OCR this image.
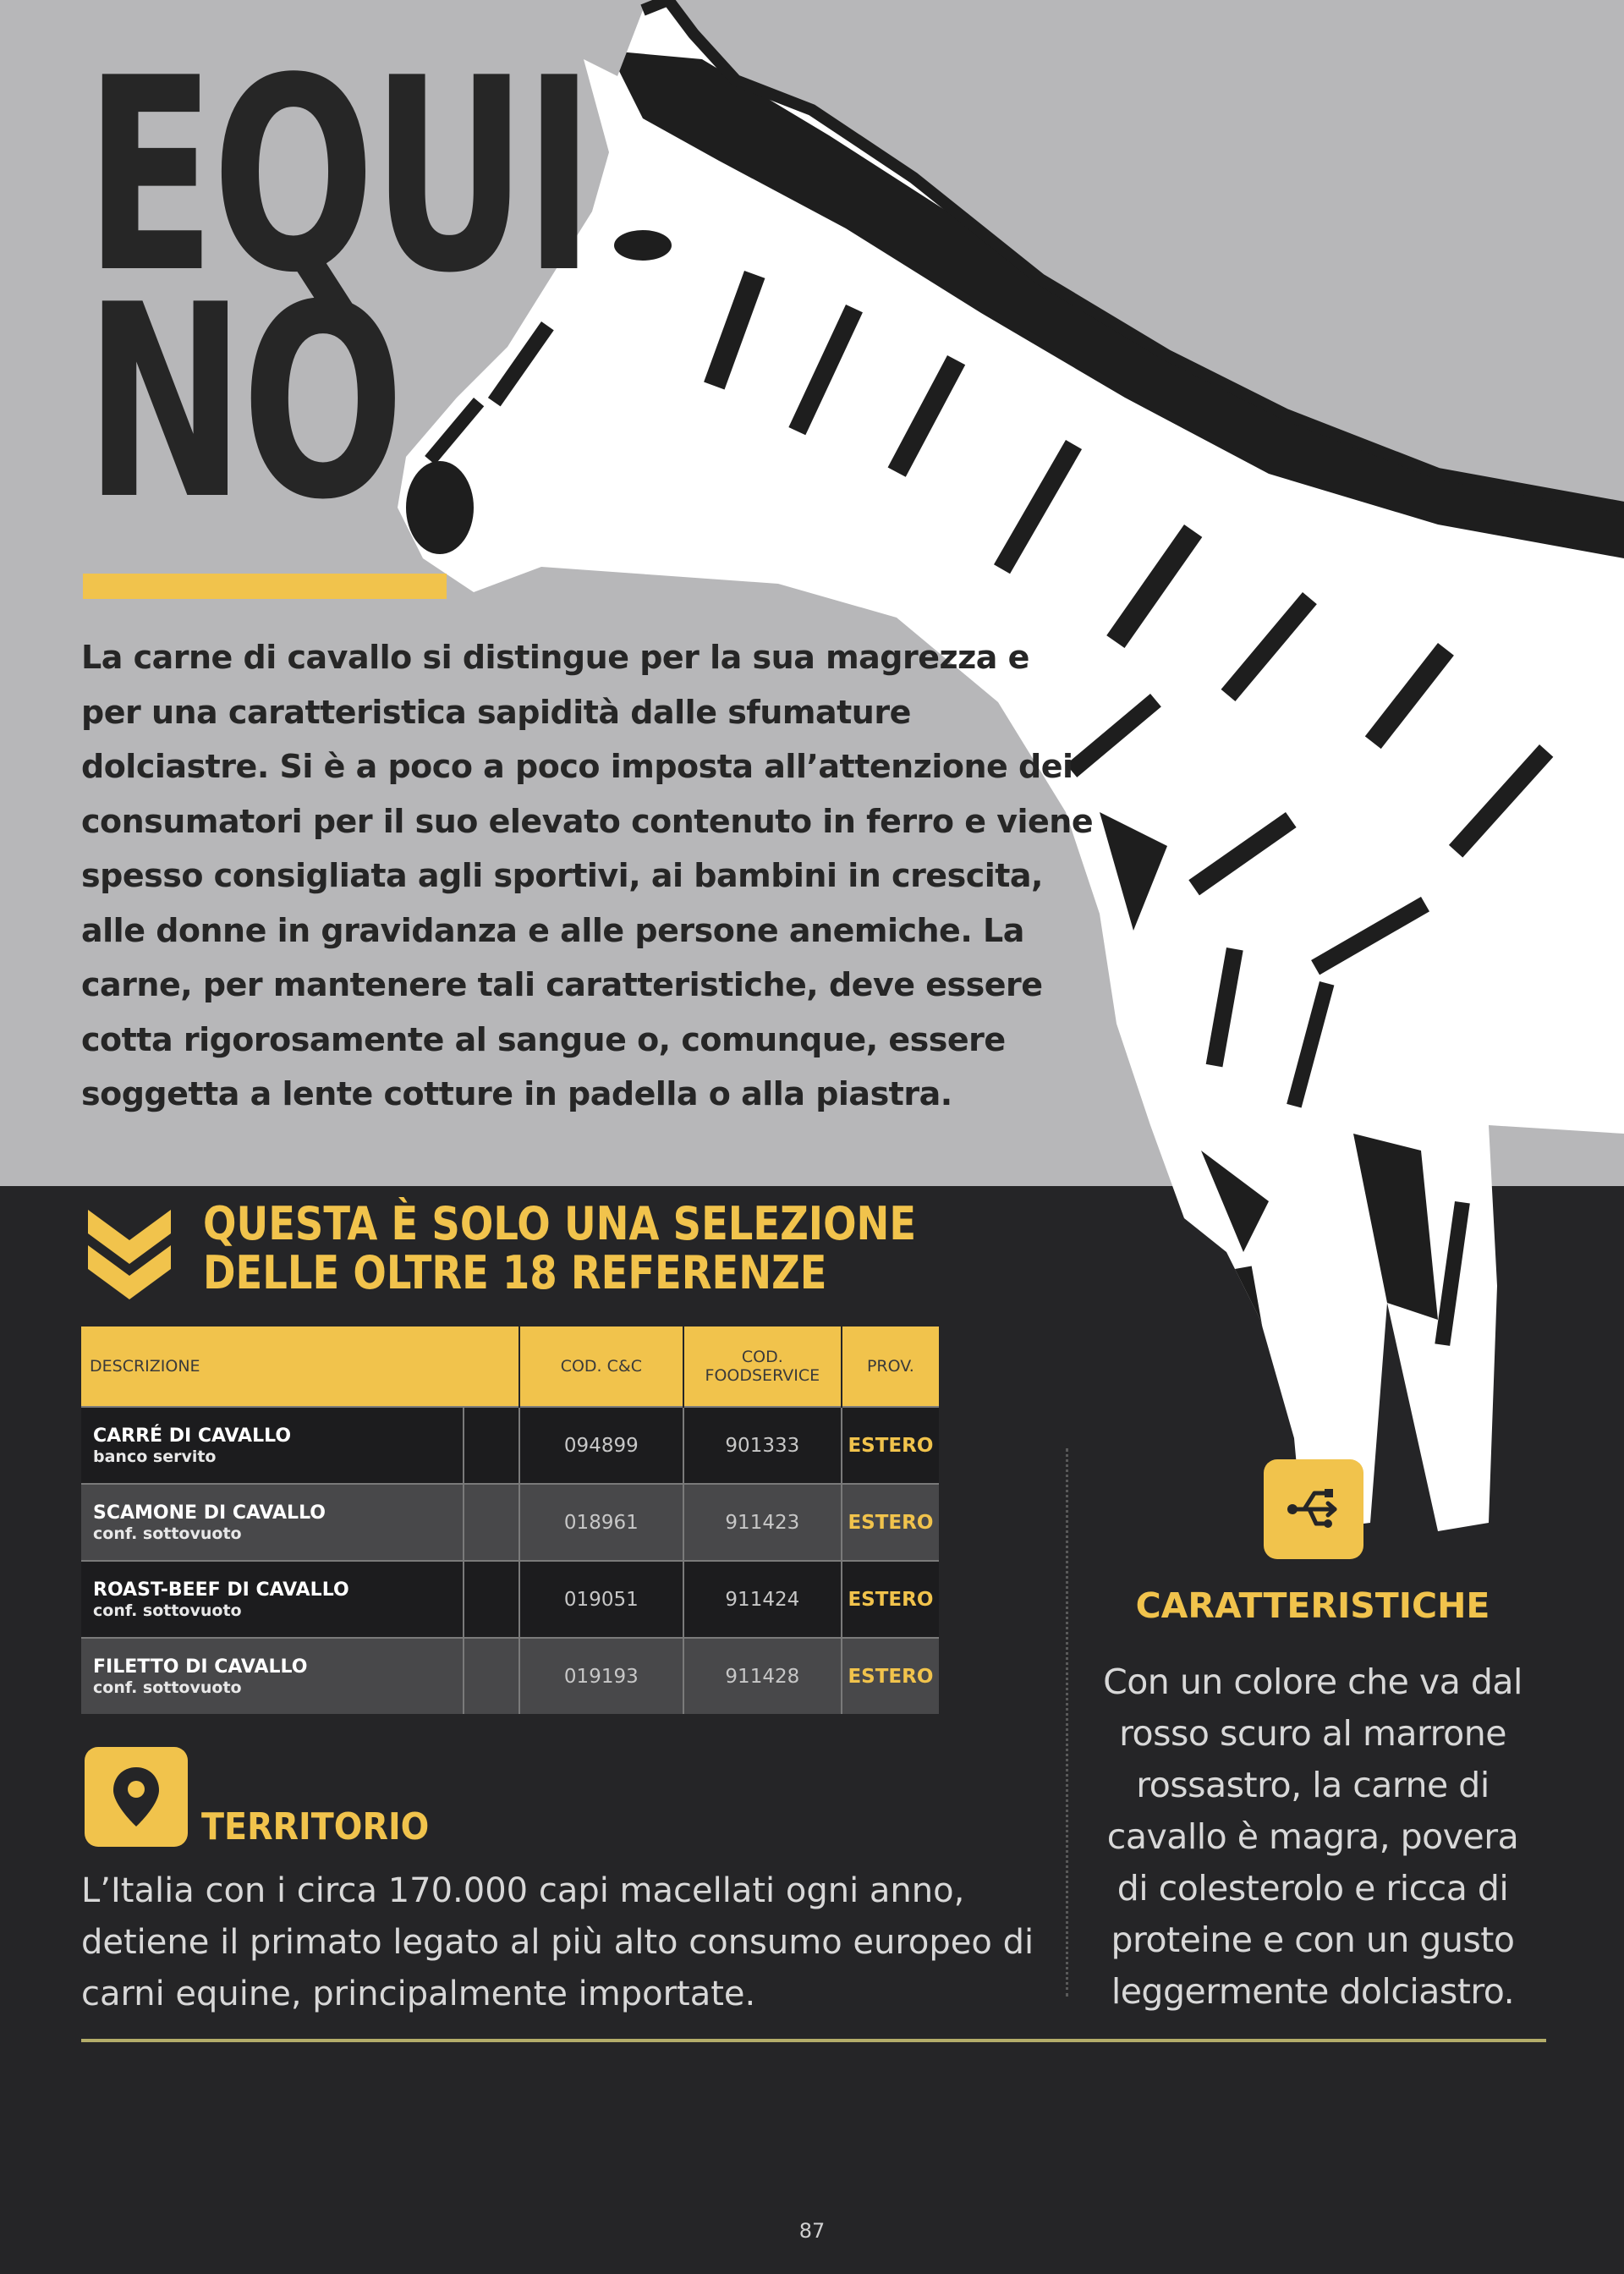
EQUI
NO

La carne di cavallo si distingue per la sua magrezza e per una caratteristica sapidità dalle sfumature dolciastre. Si è a poco a poco imposta all’attenzione dei consumatori per il suo elevato contenuto in ferro e viene spesso consigliata agli sportivi, ai bambini in crescita, alle donne in gravidanza e alle persone anemiche. La carne, per mantenere tali caratteristiche, deve essere cotta rigorosamente al sangue o, comunque, essere soggetta a lente cotture in padella o alla piastra.

QUESTA È SOLO UNA SELEZIONE
DELLE OLTRE 18 REFERENZE
DESCRIZIONE		COD. C&C	COD.
FOODSERVICE	PROV.

CARRÉ DI CAVALLO
banco servito		094899	901333	ESTERO

SCAMONE DI CAVALLO
conf. sottovuoto		018961	911423	ESTERO

ROAST-BEEF DI CAVALLO
conf. sottovuoto		019051	911424	ESTERO

FILETTO DI CAVALLO
conf. sottovuoto		019193	911428	ESTERO
TERRITORIO

L’Italia con i circa 170.000 capi macellati ogni anno, detiene il primato legato al più alto consumo europeo di carni equine, principalmente importate.

CARATTERISTICHE

Con un colore che va dal rosso scuro al marrone rossastro, la carne di cavallo è magra, povera di colesterolo e ricca di proteine e con un gusto leggermente dolciastro.

87
